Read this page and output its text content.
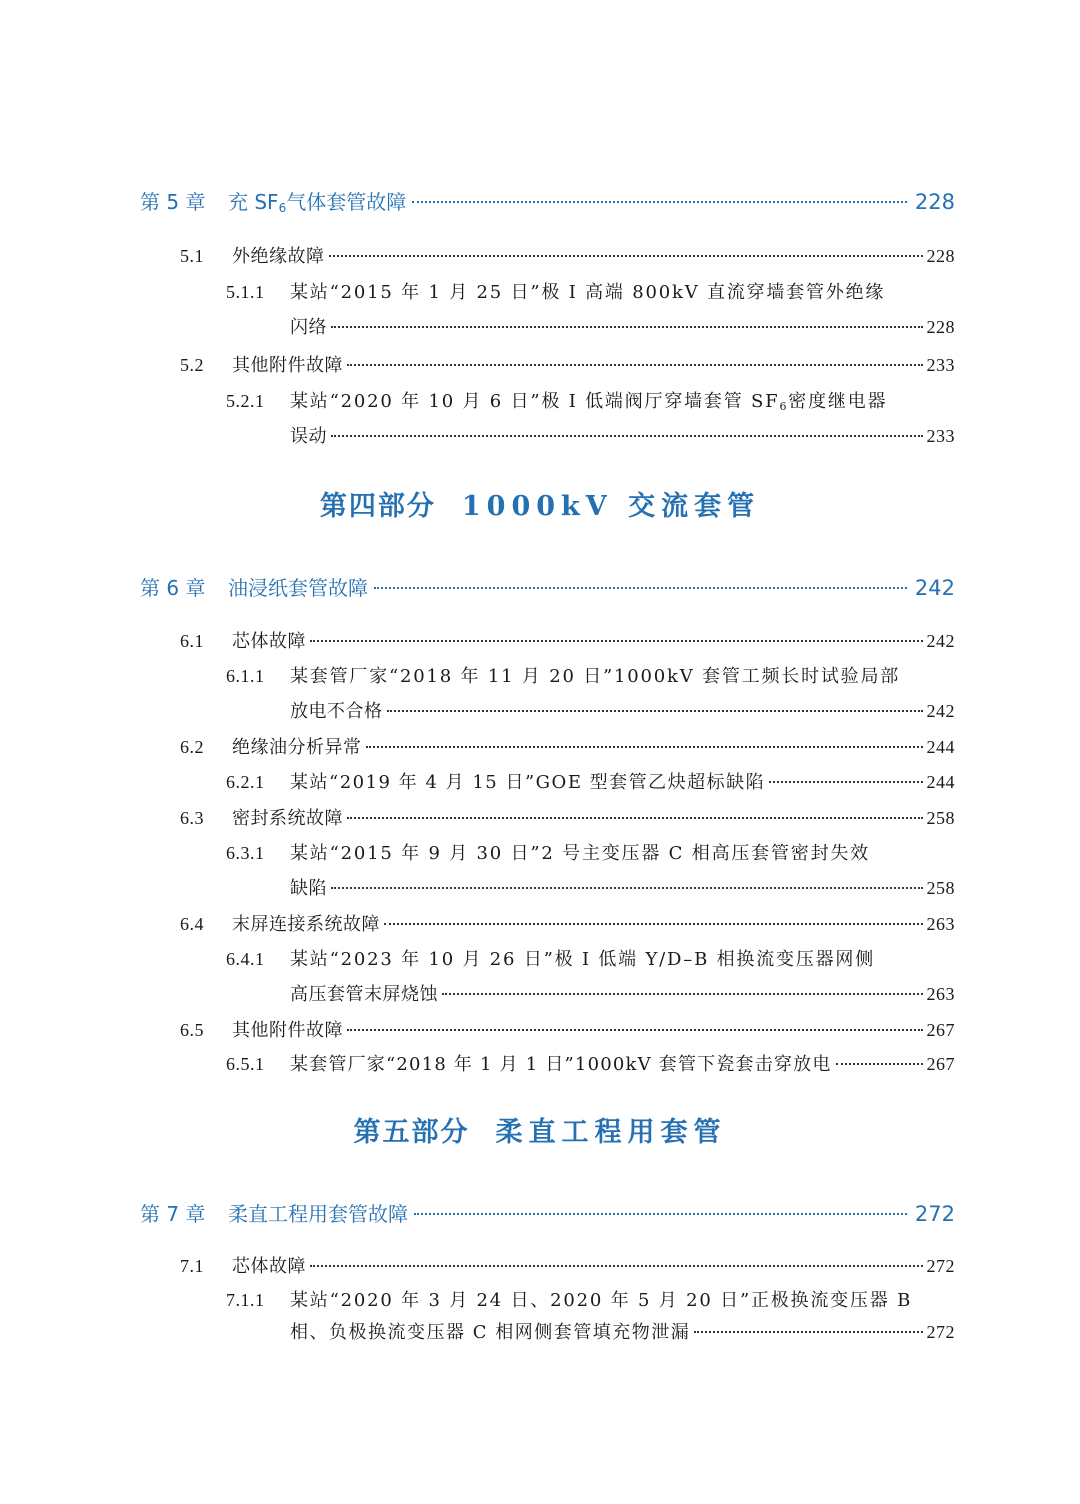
第 5 章	充 $SF_6$气体套管故障	228
5.1	外绝缘故障	228
5.1.1	某站“2015 年 1 月 25 日”极 I 高端 800kV 直流穿墙套管外绝缘
闪络	228
5.2	其他附件故障	233
5.2.1	某站“2020 年 10 月 6 日”极 I 低端阀厅穿墙套管 $SF_6$密度继电器
误动	233
第四部分 1000kV 交流套管
第 6 章	油浸纸套管故障	242
6.1	芯体故障	242
6.1.1	某套管厂家“2018 年 11 月 20 日”1000kV 套管工频长时试验局部
放电不合格	242
6.2	绝缘油分析异常	244
6.2.1	某站“2019 年 4 月 15 日”GOE 型套管乙炔超标缺陷	244
6.3	密封系统故障	258
6.3.1	某站“2015 年 9 月 30 日”2 号主变压器 C 相高压套管密封失效
缺陷	258
6.4	末屏连接系统故障	263
6.4.1	某站“2023 年 10 月 26 日”极 I 低端 Y/D–B 相换流变压器网侧
高压套管末屏烧蚀	263
6.5	其他附件故障	267
6.5.1	某套管厂家“2018 年 1 月 1 日”1000kV 套管下瓷套击穿放电	267
第五部分 柔直工程用套管
第 7 章	柔直工程用套管故障	272
7.1	芯体故障	272
7.1.1	某站“2020 年 3 月 24 日、2020 年 5 月 20 日”正极换流变压器 B
相、负极换流变压器 C 相网侧套管填充物泄漏	272
